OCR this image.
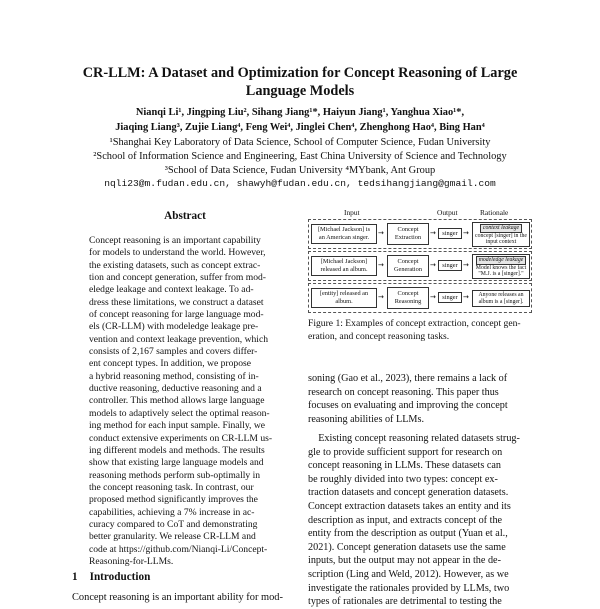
CR-LLM: A Dataset and Optimization for Concept Reasoning of Large
Language Models
Nianqi Li¹, Jingping Liu², Sihang Jiang¹*, Haiyun Jiang¹, Yanghua Xiao¹*,
Jiaqing Liang³, Zujie Liang⁴, Feng Wei⁴, Jinglei Chen⁴, Zhenghong Hao⁴, Bing Han⁴
¹Shanghai Key Laboratory of Data Science, School of Computer Science, Fudan University
²School of Information Science and Engineering, East China University of Science and Technology
³School of Data Science, Fudan University ⁴MYbank, Ant Group
nqli23@m.fudan.edu.cn, shawyh@fudan.edu.cn, tedsihangjiang@gmail.com
Abstract
Concept reasoning is an important capability
for models to understand the world. However,
the existing datasets, such as concept extrac-
tion and concept generation, suffer from mod-
eledge leakage and context leakage. To ad-
dress these limitations, we construct a dataset
of concept reasoning for large language mod-
els (CR-LLM) with modeledge leakage pre-
vention and context leakage prevention, which
consists of 2,167 samples and covers differ-
ent concept types. In addition, we propose
a hybrid reasoning method, consisting of in-
ductive reasoning, deductive reasoning and a
controller. This method allows large language
models to adaptively select the optimal reason-
ing method for each input sample. Finally, we
conduct extensive experiments on CR-LLM us-
ing different models and methods. The results
show that existing large language models and
reasoning methods perform sub-optimally in
the concept reasoning task. In contrast, our
proposed method significantly improves the
capabilities, achieving a 7% increase in ac-
curacy compared to CoT and demonstrating
better granularity. We release CR-LLM and
code at https://github.com/Nianqi-Li/Concept-
Reasoning-for-LLMs.
1 Introduction
Concept reasoning is an important ability for mod-
Input	Output	Rationale
[Michael Jackson] is
an American singer.
→ Concept
Extraction
→ singer →
context leakage
concept [singer] in the
input context
[Michael Jackson]
released an album.
→ Concept
Generation
→ singer →
modeledge leakage
Model knows the fact
"M.J. is a [singer]."
[entity] released an
album.
→ Concept
Reasoning
→ singer →	Anyone releases an
album is a [singer].
Figure 1: Examples of concept extraction, concept gen-
eration, and concept reasoning tasks.
soning (Gao et al., 2023), there remains a lack of
research on concept reasoning. This paper thus
focuses on evaluating and improving the concept
reasoning abilities of LLMs.
Existing concept reasoning related datasets strug-
gle to provide sufficient support for research on
concept reasoning in LLMs. These datasets can
be roughly divided into two types: concept ex-
traction datasets and concept generation datasets.
Concept extraction datasets takes an entity and its
description as input, and extracts concept of the
entity from the description as output (Yuan et al.,
2021). Concept generation datasets use the same
inputs, but the output may not appear in the de-
scription (Ling and Weld, 2012). However, as we
investigate the rationales provided by LLMs, two
types of rationales are detrimental to testing the
